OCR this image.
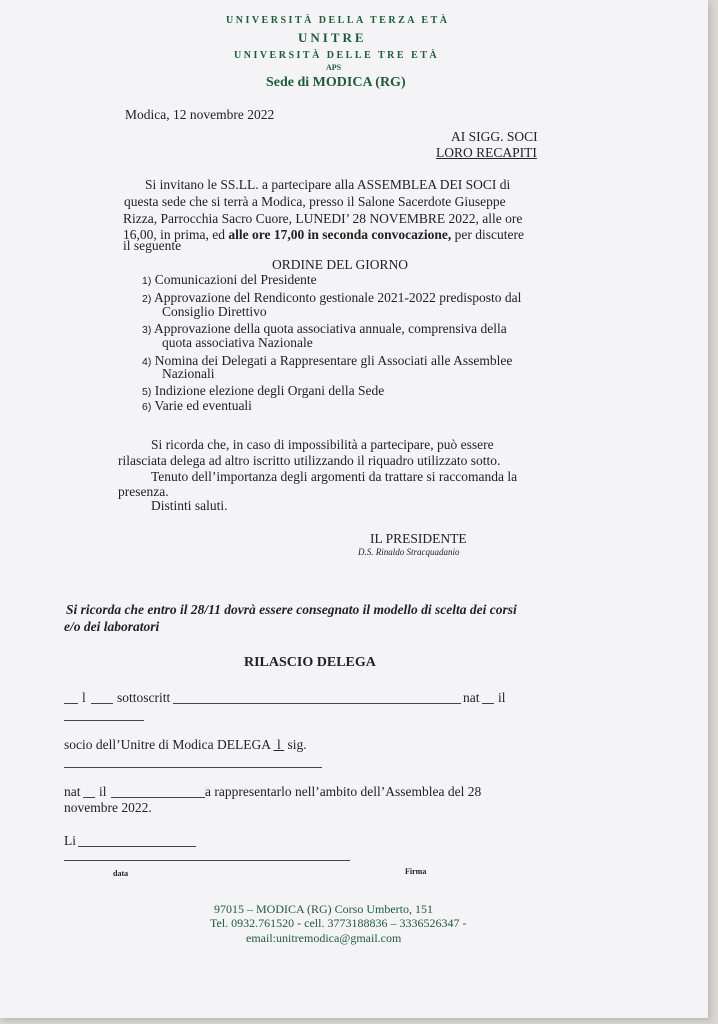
UNIVERSITÀ DELLA TERZA ETÀ
UNITRE
UNIVERSITÀ DELLE TRE ETÀ
APS
Sede di MODICA (RG)
Modica, 12 novembre 2022
AI SIGG. SOCI
LORO RECAPITI
Si invitano le SS.LL. a partecipare alla ASSEMBLEA DEI SOCI di
questa sede che si terrà a Modica, presso il Salone Sacerdote Giuseppe
Rizza, Parrocchia Sacro Cuore, LUNEDI’ 28 NOVEMBRE 2022, alle ore
16,00, in prima, ed alle ore 17,00 in seconda convocazione, per discutere
il seguente
ORDINE DEL GIORNO
1) Comunicazioni del Presidente
2) Approvazione del Rendiconto gestionale 2021-2022 predisposto dal
Consiglio Direttivo
3) Approvazione della quota associativa annuale, comprensiva della
quota associativa Nazionale
4) Nomina dei Delegati a Rappresentare gli Associati alle Assemblee
Nazionali
5) Indizione elezione degli Organi della Sede
6) Varie ed eventuali
Si ricorda che, in caso di impossibilità a partecipare, può essere
rilasciata delega ad altro iscritto utilizzando il riquadro utilizzato sotto.
Tenuto dell’importanza degli argomenti da trattare si raccomanda la
presenza.
Distinti saluti.
IL PRESIDENTE
D.S. Rinaldo Stracquadanio
Si ricorda che entro il 28/11 dovrà essere consegnato il modello di scelta dei corsi
e/o dei laboratori
RILASCIO DELEGA
l sottoscritt	nat il
socio dell’Unitre di Modica DELEGA  l  sig.
nat il	a rappresentarlo nell’ambito dell’Assemblea del 28
novembre 2022.
Li
data	Firma
97015 – MODICA (RG) Corso Umberto, 151
Tel. 0932.761520 - cell. 3773188836 – 3336526347 -
email:unitremodica@gmail.com
